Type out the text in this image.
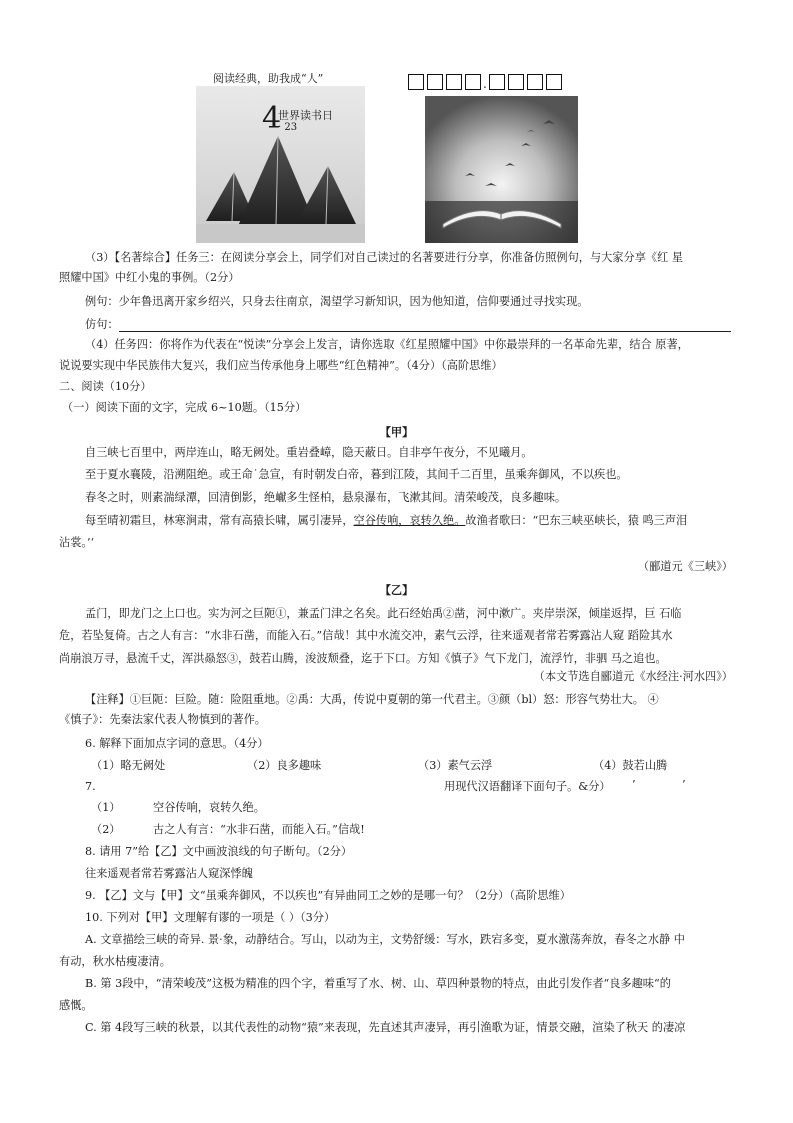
阅读经典，助我成“人”
4
世界读书日
· 23
.
（3）【名著综合】任务三：在阅读分享会上，同学们对自己读过的名著要进行分享，你准备仿照例句，与大家分享《红 星
照耀中国》中红小鬼的事例。（2分）
例句：少年鲁迅离开家乡绍兴，只身去往南京，渴望学习新知识，因为他知道，信仰要通过寻找实现。
仿句：
（4）任务四：你将作为代表在“悦读”分享会上发言，请你选取《红星照耀中国》中你最崇拜的一名革命先辈，结合 原著，
说说要实现中华民族伟大复兴，我们应当传承他身上哪些“红色精神”。（4分）（高阶思维）
二、阅读（10分）
（一）阅读下面的文字，完成 6~10题。（15分）
【甲】
自三峡七百里中，两岸连山，略无阙处。重岩叠嶂，隐天蔽日。自非亭午夜分，不见曦月。
至于夏水襄陵，沿溯阻绝。或王命˙急宣，有时朝发白帝，暮到江陵，其间千二百里，虽乘奔御风，不以疾也。
春冬之时，则素湍绿潭，回清倒影，绝𪩘多生怪柏，悬泉瀑布，飞漱其间。清荣峻茂，良多趣味。
每至晴初霜旦，林寒涧肃，常有高猿长啸，属引凄异，空谷传响，哀转久绝。故渔者歌曰：“巴东三峡巫峡长，猿 鸣三声泪
沾裳。’‘
（郦道元《三峡》）
【乙】
孟门，即龙门之上口也。实为河之巨阨①，兼孟门津之名矣。此石经始禹②凿，河中漱广。夹岸崇深，倾崖返捍，巨 石临
危，若坠复倚。古之人有言：“水非石凿，而能入石。”信哉！其中水流交冲，素气云浮，往来遥观者常若雾露沾人窥 蹈险其水
尚崩浪万寻，悬流千丈，浑洪赑怒③，鼓若山腾，浚波颓叠，迄于下口。方知《慎子》气下龙门，流浮竹，非驷 马之追也。
（本文节选自郦道元《水经注·河水四》）
【注释】①巨阨：巨险。随：险阻重地。②禹：大禹，传说中夏朝的第一代君主。③颜（bl）怒：形容气势壮大。 ④
《慎子》：先秦法家代表人物慎到的著作。
6. 解释下面加点字词的意思。（4分）
（1）略无阙处	（2）良多趣味	（3）素气云浮	（4）鼓若山腾
7.	用现代汉语翻译下面句子。&分） ’	’
（1）	空谷传响，哀转久绝。
（2）	古之人有言：“水非石凿，而能入石。”信哉!
8. 请用 7”给【乙】文中画波浪线的句子断句。（2分）
往来遥观者常若雾露沾人窥深悸魄
9. 【乙】文与【甲】文“虽乘奔御风，不以疾也”有异曲同工之妙的是哪一句？（2分）（高阶思维）
10. 下列对【甲】文理解有谬的一项是（ ）（3分）
A. 文章描绘三峡的奇异. 景·象，动静结合。写山，以动为主，文势舒缓：写水，跌宕多变，夏水激荡奔放，春冬之水静 中
有动，秋水枯瘦凄清。
B. 第 3段中，“清荣峻茂”这极为精准的四个字，着重写了水、树、山、草四种景物的特点，由此引发作者“良多趣味“的
感慨。
C. 第 4段写三峡的秋景，以其代表性的动物“猿”来表现，先直述其声凄异，再引渔歌为证，情景交融，渲染了秋天 的凄凉
